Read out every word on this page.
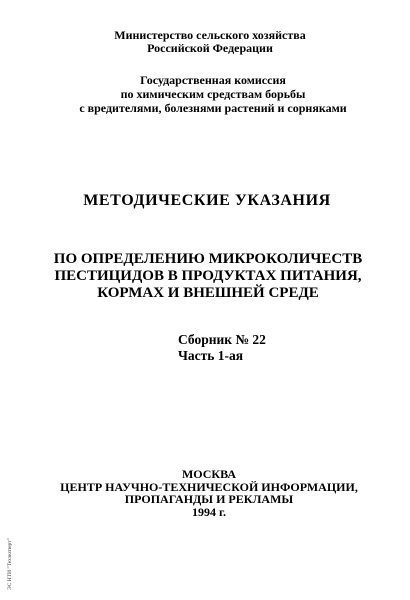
Министерство сельского хозяйства
Российской Федерации
Государственная комиссия
по химическим средствам борьбы
с вредителями, болезнями растений и сорняками
МЕТОДИЧЕСКИЕ УКАЗАНИЯ
ПО ОПРЕДЕЛЕНИЮ МИКРОКОЛИЧЕСТВ
ПЕСТИЦИДОВ В ПРОДУКТАХ ПИТАНИЯ,
КОРМАХ И ВНЕШНЕЙ СРЕДЕ
Сборник № 22
Часть 1-ая
МОСКВА
ЦЕНТР НАУЧНО-ТЕХНИЧЕСКОЙ ИНФОРМАЦИИ,
ПРОПАГАНДЫ И РЕКЛАМЫ
1994 г.
ЭС НТИ "Техэксперт"
